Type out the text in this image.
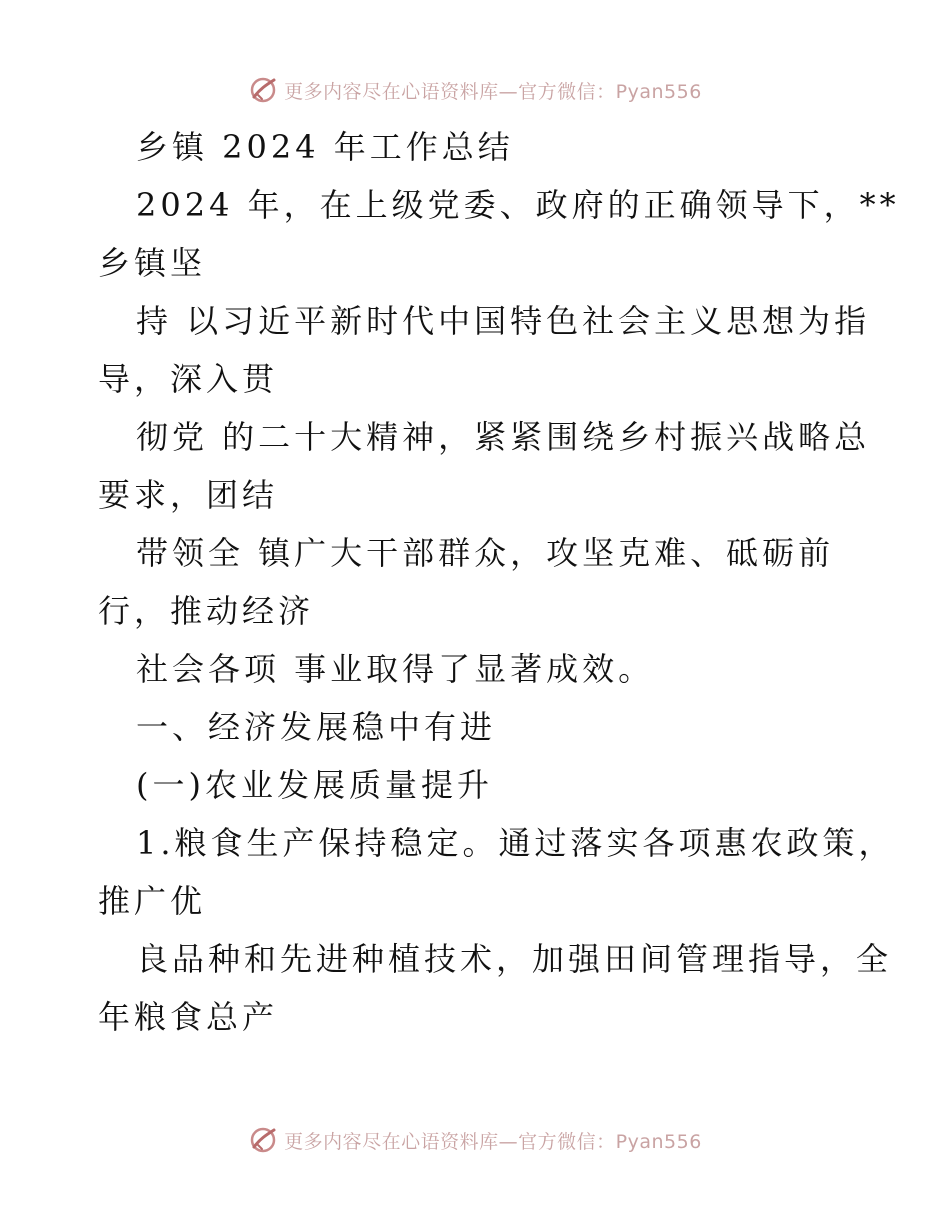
更多内容尽在心语资料库—官方微信：Pyan556
乡镇 2024 年工作总结
2024 年，在上级党委、政府的正确领导下，**
乡镇坚
持 以习近平新时代中国特色社会主义思想为指
导，深入贯
彻党 的二十大精神，紧紧围绕乡村振兴战略总
要求，团结
带领全 镇广大干部群众，攻坚克难、砥砺前
行，推动经济
社会各项 事业取得了显著成效。
一、经济发展稳中有进
(一)农业发展质量提升
1.粮食生产保持稳定。通过落实各项惠农政策，
推广优
良品种和先进种植技术，加强田间管理指导，全
年粮食总产
更多内容尽在心语资料库—官方微信：Pyan556
